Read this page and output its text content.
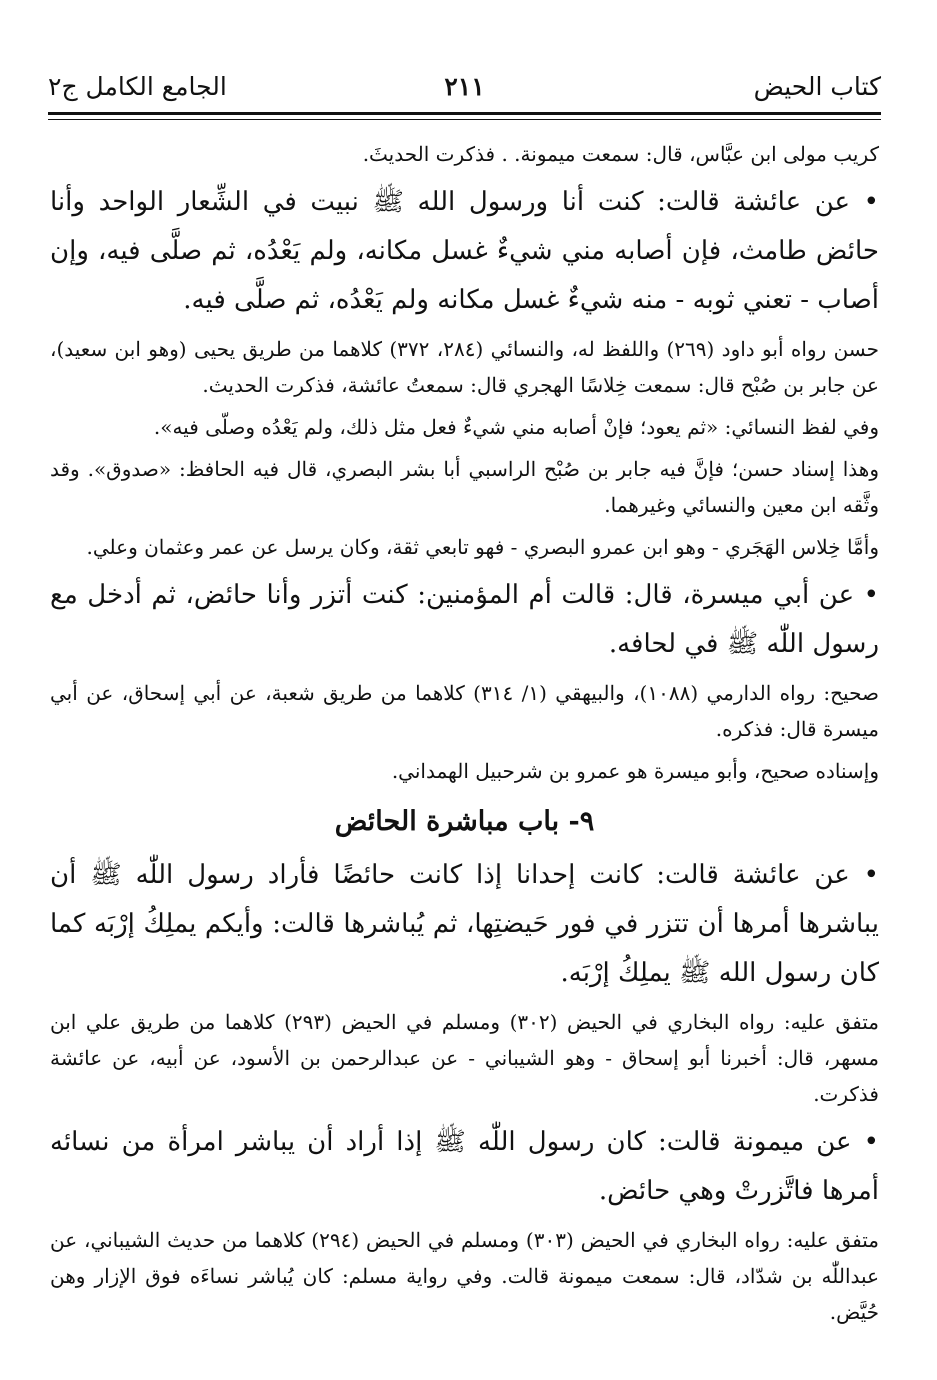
كتاب الحيض
٢١١
الجامع الكامل ج٢

كريب مولى ابن عبَّاس، قال: سمعت ميمونة. . فذكرت الحديثَ.

• عن عائشة قالت: كنت أنا ورسول الله ﷺ نبيت في الشِّعار الواحد وأنا حائض طامث، فإن أصابه مني شيءٌ غسل مكانه، ولم يَعْدُه، ثم صلَّى فيه، وإن أصاب - تعني ثوبه - منه شيءٌ غسل مكانه ولم يَعْدُه، ثم صلَّى فيه.

حسن رواه أبو داود (٢٦٩) واللفظ له، والنسائي (٢٨٤، ٣٧٢) كلاهما من طريق يحيى (وهو ابن سعيد)، عن جابر بن صُبْح قال: سمعت خِلاسًا الهجري قال: سمعتُ عائشة، فذكرت الحديث.

وفي لفظ النسائي: «ثم يعود؛ فإنْ أصابه مني شيءٌ فعل مثل ذلك، ولم يَعْدُه وصلّى فيه».

وهذا إسناد حسن؛ فإنَّ فيه جابر بن صُبْح الراسبي أبا بشر البصري، قال فيه الحافظ: «صدوق». وقد وثَّقه ابن معين والنسائي وغيرهما.

وأمَّا خِلاس الهَجَري - وهو ابن عمرو البصري - فهو تابعي ثقة، وكان يرسل عن عمر وعثمان وعلي.

• عن أبي ميسرة، قال: قالت أم المؤمنين: كنت أتزر وأنا حائض، ثم أدخل مع رسول اللّٰه ﷺ في لحافه.

صحيح: رواه الدارمي (١٠٨٨)، والبيهقي (١/ ٣١٤) كلاهما من طريق شعبة، عن أبي إسحاق، عن أبي ميسرة قال: فذكره.

وإسناده صحيح، وأبو ميسرة هو عمرو بن شرحبيل الهمداني.

٩- باب مباشرة الحائض

• عن عائشة قالت: كانت إحدانا إذا كانت حائضًا فأراد رسول اللّٰه ﷺ أن يباشرها أمرها أن تتزر في فور حَيضتِها، ثم يُباشرها قالت: وأيكم يملِكُ إرْبَه كما كان رسول الله ﷺ يملِكُ إرْبَه.

متفق عليه: رواه البخاري في الحيض (٣٠٢) ومسلم في الحيض (٢٩٣) كلاهما من طريق علي ابن مسهر، قال: أخبرنا أبو إسحاق - وهو الشيباني - عن عبدالرحمن بن الأسود، عن أبيه، عن عائشة فذكرت.

• عن ميمونة قالت: كان رسول اللّٰه ﷺ إذا أراد أن يباشر امرأة من نسائه أمرها فاتَّزرتْ وهي حائض.

متفق عليه: رواه البخاري في الحيض (٣٠٣) ومسلم في الحيض (٢٩٤) كلاهما من حديث الشيباني، عن عبداللّٰه بن شدّاد، قال: سمعت ميمونة قالت. وفي رواية مسلم: كان يُباشر نساءَه فوق الإزار وهن حُيَّض.
